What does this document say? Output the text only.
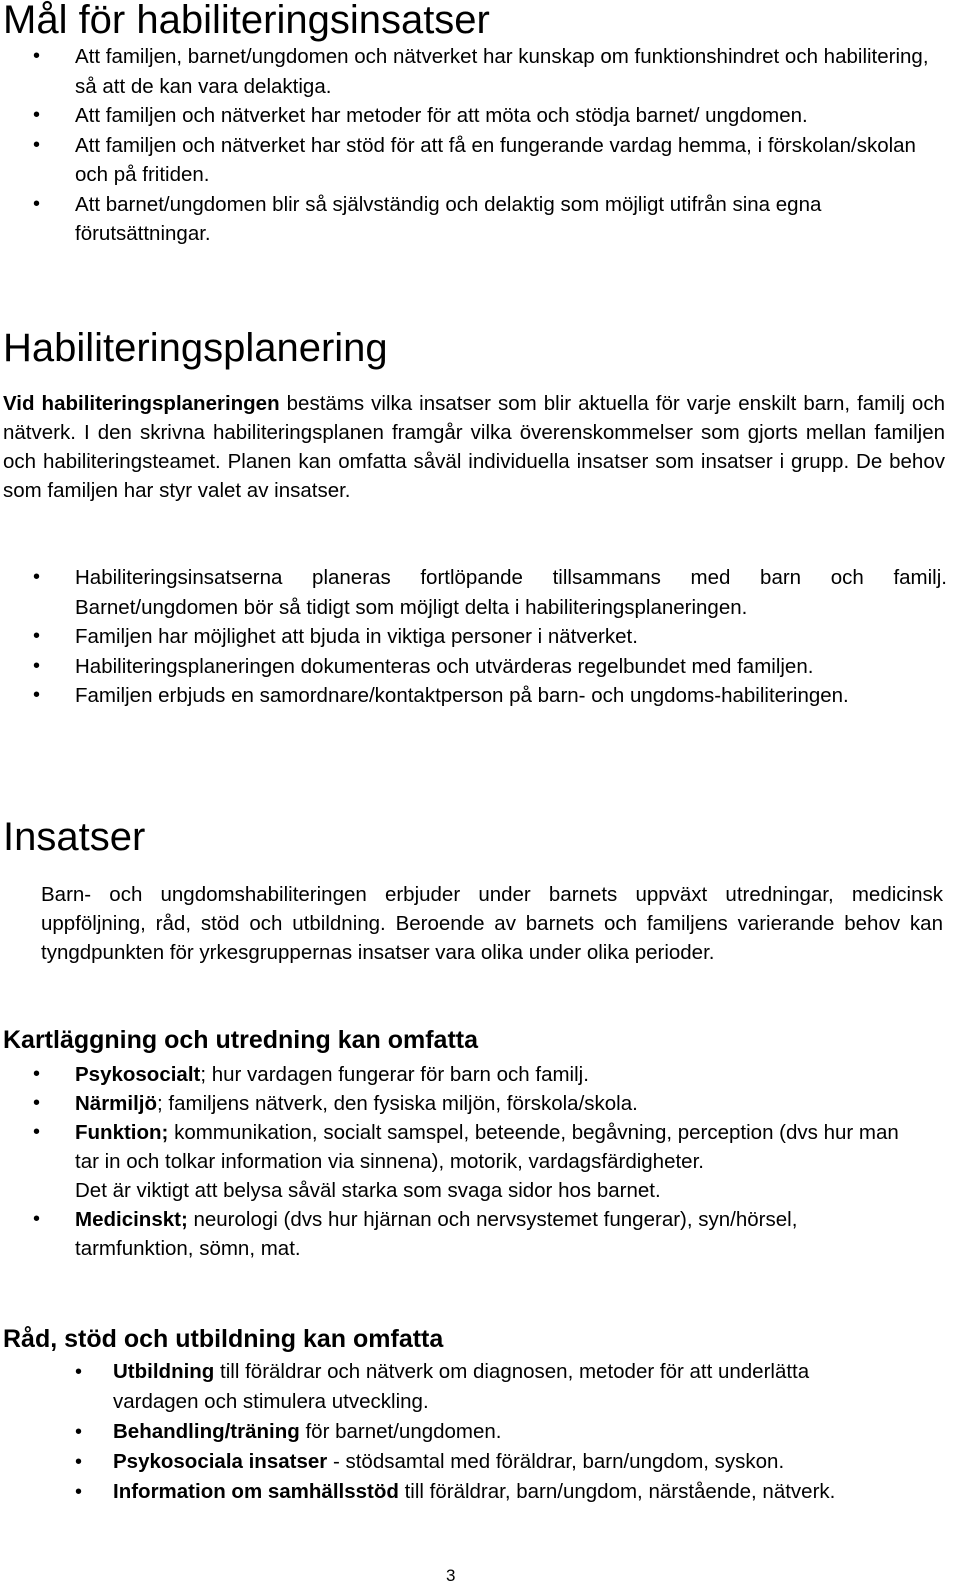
Mål för habiliteringsinsatser
•
Att familjen, barnet/ungdomen och nätverket har kunskap om funktionshindret och habilitering, så att de kan vara delaktiga.
•
Att familjen och nätverket har metoder för att möta och stödja barnet/ ungdomen.
•
Att familjen och nätverket har stöd för att få en fungerande vardag hemma, i förskolan/skolan och på fritiden.
•
Att barnet/ungdomen blir så självständig och delaktig som möjligt utifrån sina egna förutsättningar.
Habiliteringsplanering

Vid habiliteringsplaneringen bestäms vilka insatser som blir aktuella för varje enskilt barn, familj och nätverk. I den skrivna habiliteringsplanen framgår vilka överenskommelser som gjorts mellan familjen och habiliteringsteamet. Planen kan omfatta såväl individuella insatser som insatser i grupp. De behov som familjen har styr valet av insatser.

•
Habiliteringsinsatserna planeras fortlöpande tillsammans med barn och familj. Barnet/ungdomen bör så tidigt som möjligt delta i habiliteringsplaneringen.
•
Familjen har möjlighet att bjuda in viktiga personer i nätverket.
•
Habiliteringsplaneringen dokumenteras och utvärderas regelbundet med familjen.
•
Familjen erbjuds en samordnare/kontaktperson på barn- och ungdoms-habiliteringen.
Insatser

Barn- och ungdomshabiliteringen erbjuder under barnets uppväxt utredningar, medicinsk uppföljning, råd, stöd och utbildning. Beroende av barnets och familjens varierande behov kan tyngdpunkten för yrkesgruppernas insatser vara olika under olika perioder.

Kartläggning och utredning kan omfatta
•
Psykosocialt; hur vardagen fungerar för barn och familj.
•
Närmiljö; familjens nätverk, den fysiska miljön, förskola/skola.
•
Funktion; kommunikation, socialt samspel, beteende, begåvning, perception (dvs hur man tar in och tolkar information via sinnena), motorik, vardagsfärdigheter.
Det är viktigt att belysa såväl starka som svaga sidor hos barnet.
•
Medicinskt; neurologi (dvs hur hjärnan och nervsystemet fungerar), syn/hörsel, tarmfunktion, sömn, mat.
Råd, stöd och utbildning kan omfatta
•
Utbildning till föräldrar och nätverk om diagnosen, metoder för att underlätta vardagen och stimulera utveckling.
•
Behandling/träning för barnet/ungdomen.
•
Psykosociala insatser - stödsamtal med föräldrar, barn/ungdom, syskon.
•
Information om samhällsstöd till föräldrar, barn/ungdom, närstående, nätverk.
3
